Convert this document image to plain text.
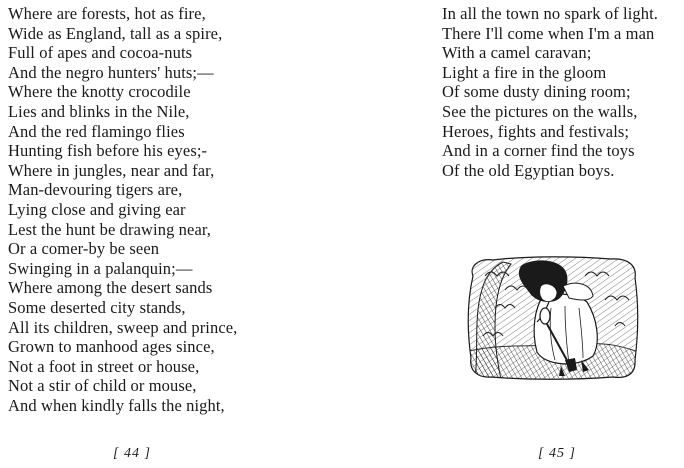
Where are forests, hot as fire,
Wide as England, tall as a spire,
Full of apes and cocoa-nuts
And the negro hunters' huts;—
Where the knotty crocodile
Lies and blinks in the Nile,
And the red flamingo flies
Hunting fish before his eyes;-
Where in jungles, near and far,
Man-devouring tigers are,
Lying close and giving ear
Lest the hunt be drawing near,
Or a comer-by be seen
Swinging in a palanquin;—
Where among the desert sands
Some deserted city stands,
All its children, sweep and prince,
Grown to manhood ages since,
Not a foot in street or house,
Not a stir of child or mouse,
And when kindly falls the night,
[ 44 ]
In all the town no spark of light.
There I'll come when I'm a man
With a camel caravan;
Light a fire in the gloom
Of some dusty dining room;
See the pictures on the walls,
Heroes, fights and festivals;
And in a corner find the toys
Of the old Egyptian boys.
[ 45 ]
